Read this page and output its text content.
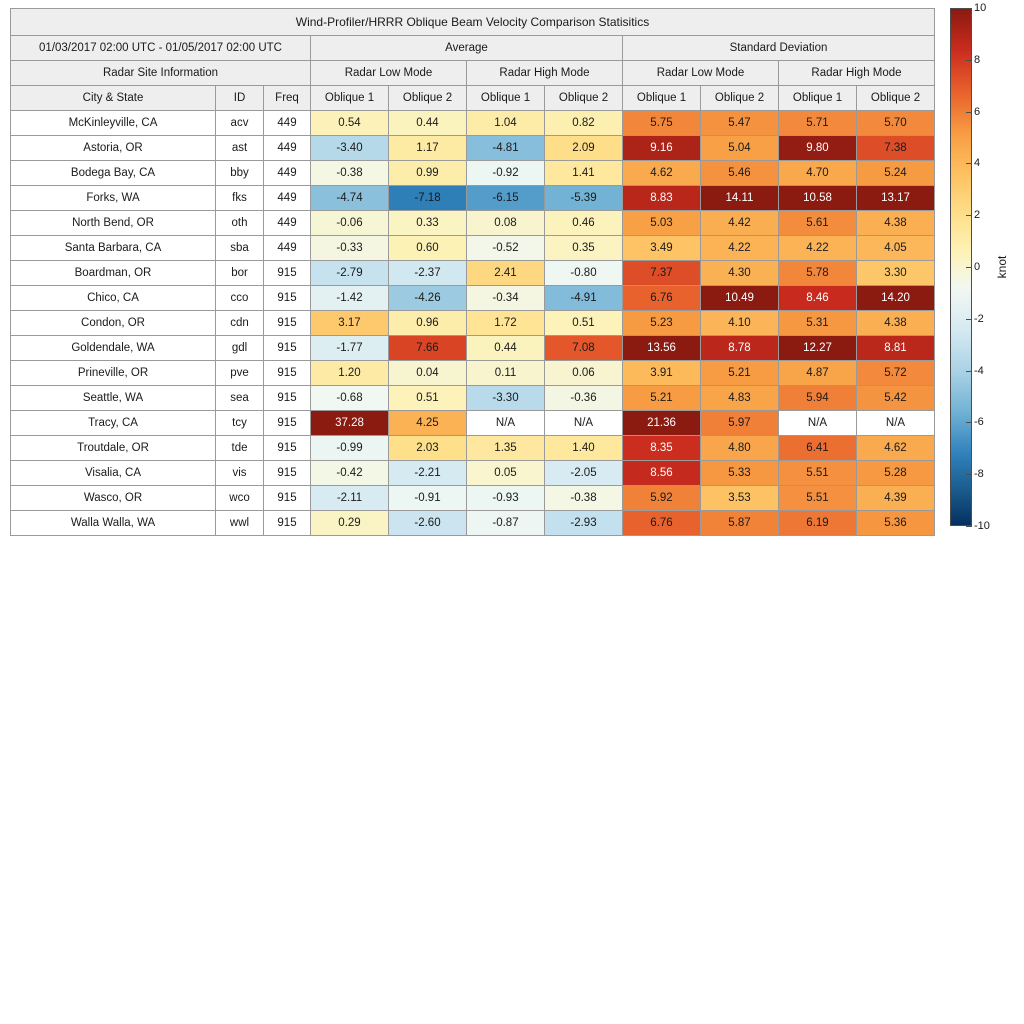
Wind-Profiler/HRRR Oblique Beam Velocity Comparison Statisitics										
01/03/2017 02:00 UTC - 01/05/2017 02:00 UTC			Average				Standard Deviation			
Radar Site Information			Radar Low Mode		Radar High Mode		Radar Low Mode		Radar High Mode	
City & State	ID	Freq	Oblique 1	Oblique 2	Oblique 1	Oblique 2	Oblique 1	Oblique 2	Oblique 1	Oblique 2
McKinleyville, CA	acv	449	0.54	0.44	1.04	0.82	5.75	5.47	5.71	5.70
Astoria, OR	ast	449	-3.40	1.17	-4.81	2.09	9.16	5.04	9.80	7.38
Bodega Bay, CA	bby	449	-0.38	0.99	-0.92	1.41	4.62	5.46	4.70	5.24
Forks, WA	fks	449	-4.74	-7.18	-6.15	-5.39	8.83	14.11	10.58	13.17
North Bend, OR	oth	449	-0.06	0.33	0.08	0.46	5.03	4.42	5.61	4.38
Santa Barbara, CA	sba	449	-0.33	0.60	-0.52	0.35	3.49	4.22	4.22	4.05
Boardman, OR	bor	915	-2.79	-2.37	2.41	-0.80	7.37	4.30	5.78	3.30
Chico, CA	cco	915	-1.42	-4.26	-0.34	-4.91	6.76	10.49	8.46	14.20
Condon, OR	cdn	915	3.17	0.96	1.72	0.51	5.23	4.10	5.31	4.38
Goldendale, WA	gdl	915	-1.77	7.66	0.44	7.08	13.56	8.78	12.27	8.81
Prineville, OR	pve	915	1.20	0.04	0.11	0.06	3.91	5.21	4.87	5.72
Seattle, WA	sea	915	-0.68	0.51	-3.30	-0.36	5.21	4.83	5.94	5.42
Tracy, CA	tcy	915	37.28	4.25	N/A	N/A	21.36	5.97	N/A	N/A
Troutdale, OR	tde	915	-0.99	2.03	1.35	1.40	8.35	4.80	6.41	4.62
Visalia, CA	vis	915	-0.42	-2.21	0.05	-2.05	8.56	5.33	5.51	5.28
Wasco, OR	wco	915	-2.11	-0.91	-0.93	-0.38	5.92	3.53	5.51	4.39
Walla Walla, WA	wwl	915	0.29	-2.60	-0.87	-2.93	6.76	5.87	6.19	5.36
10
8
6
4
2
0
-2
-4
-6
-8
-10
knot
